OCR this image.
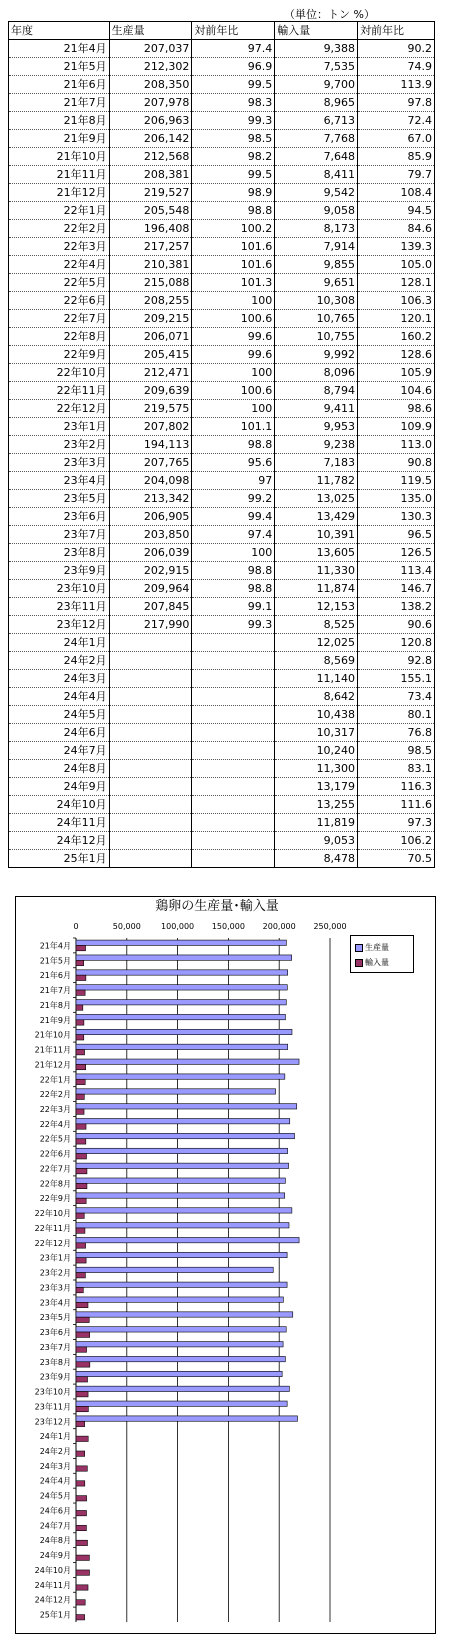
（単位：トン %）
年度	生産量	対前年比	輸入量	対前年比
21年4月	207,037	97.4	9,388	90.2
21年5月	212,302	96.9	7,535	74.9
21年6月	208,350	99.5	9,700	113.9
21年7月	207,978	98.3	8,965	97.8
21年8月	206,963	99.3	6,713	72.4
21年9月	206,142	98.5	7,768	67.0
21年10月	212,568	98.2	7,648	85.9
21年11月	208,381	99.5	8,411	79.7
21年12月	219,527	98.9	9,542	108.4
22年1月	205,548	98.8	9,058	94.5
22年2月	196,408	100.2	8,173	84.6
22年3月	217,257	101.6	7,914	139.3
22年4月	210,381	101.6	9,855	105.0
22年5月	215,088	101.3	9,651	128.1
22年6月	208,255	100	10,308	106.3
22年7月	209,215	100.6	10,765	120.1
22年8月	206,071	99.6	10,755	160.2
22年9月	205,415	99.6	9,992	128.6
22年10月	212,471	100	8,096	105.9
22年11月	209,639	100.6	8,794	104.6
22年12月	219,575	100	9,411	98.6
23年1月	207,802	101.1	9,953	109.9
23年2月	194,113	98.8	9,238	113.0
23年3月	207,765	95.6	7,183	90.8
23年4月	204,098	97	11,782	119.5
23年5月	213,342	99.2	13,025	135.0
23年6月	206,905	99.4	13,429	130.3
23年7月	203,850	97.4	10,391	96.5
23年8月	206,039	100	13,605	126.5
23年9月	202,915	98.8	11,330	113.4
23年10月	209,964	98.8	11,874	146.7
23年11月	207,845	99.1	12,153	138.2
23年12月	217,990	99.3	8,525	90.6
24年1月			12,025	120.8
24年2月			8,569	92.8
24年3月			11,140	155.1
24年4月			8,642	73.4
24年5月			10,438	80.1
24年6月			10,317	76.8
24年7月			10,240	98.5
24年8月			11,300	83.1
24年9月			13,179	116.3
24年10月			13,255	111.6
24年11月			11,819	97.3
24年12月			9,053	106.2
25年1月			8,478	70.5
鶏卵の生産量･輸入量
0	50,000	100,000 150,000 200,000 250,000
21年4月
21年5月
21年6月
21年7月
21年8月
21年9月
21年10月
21年11月
21年12月
22年1月
22年2月
22年3月
22年4月
22年5月
22年6月
22年7月
22年8月
22年9月
22年10月
22年11月
22年12月
23年1月
23年2月
23年3月
23年4月
23年5月
23年6月
23年7月
23年8月
23年9月
23年10月
23年11月
23年12月
24年1月
24年2月
24年3月
24年4月
24年5月
24年6月
24年7月
24年8月
24年9月
24年10月
24年11月
24年12月
25年1月
生産量
輸入量
